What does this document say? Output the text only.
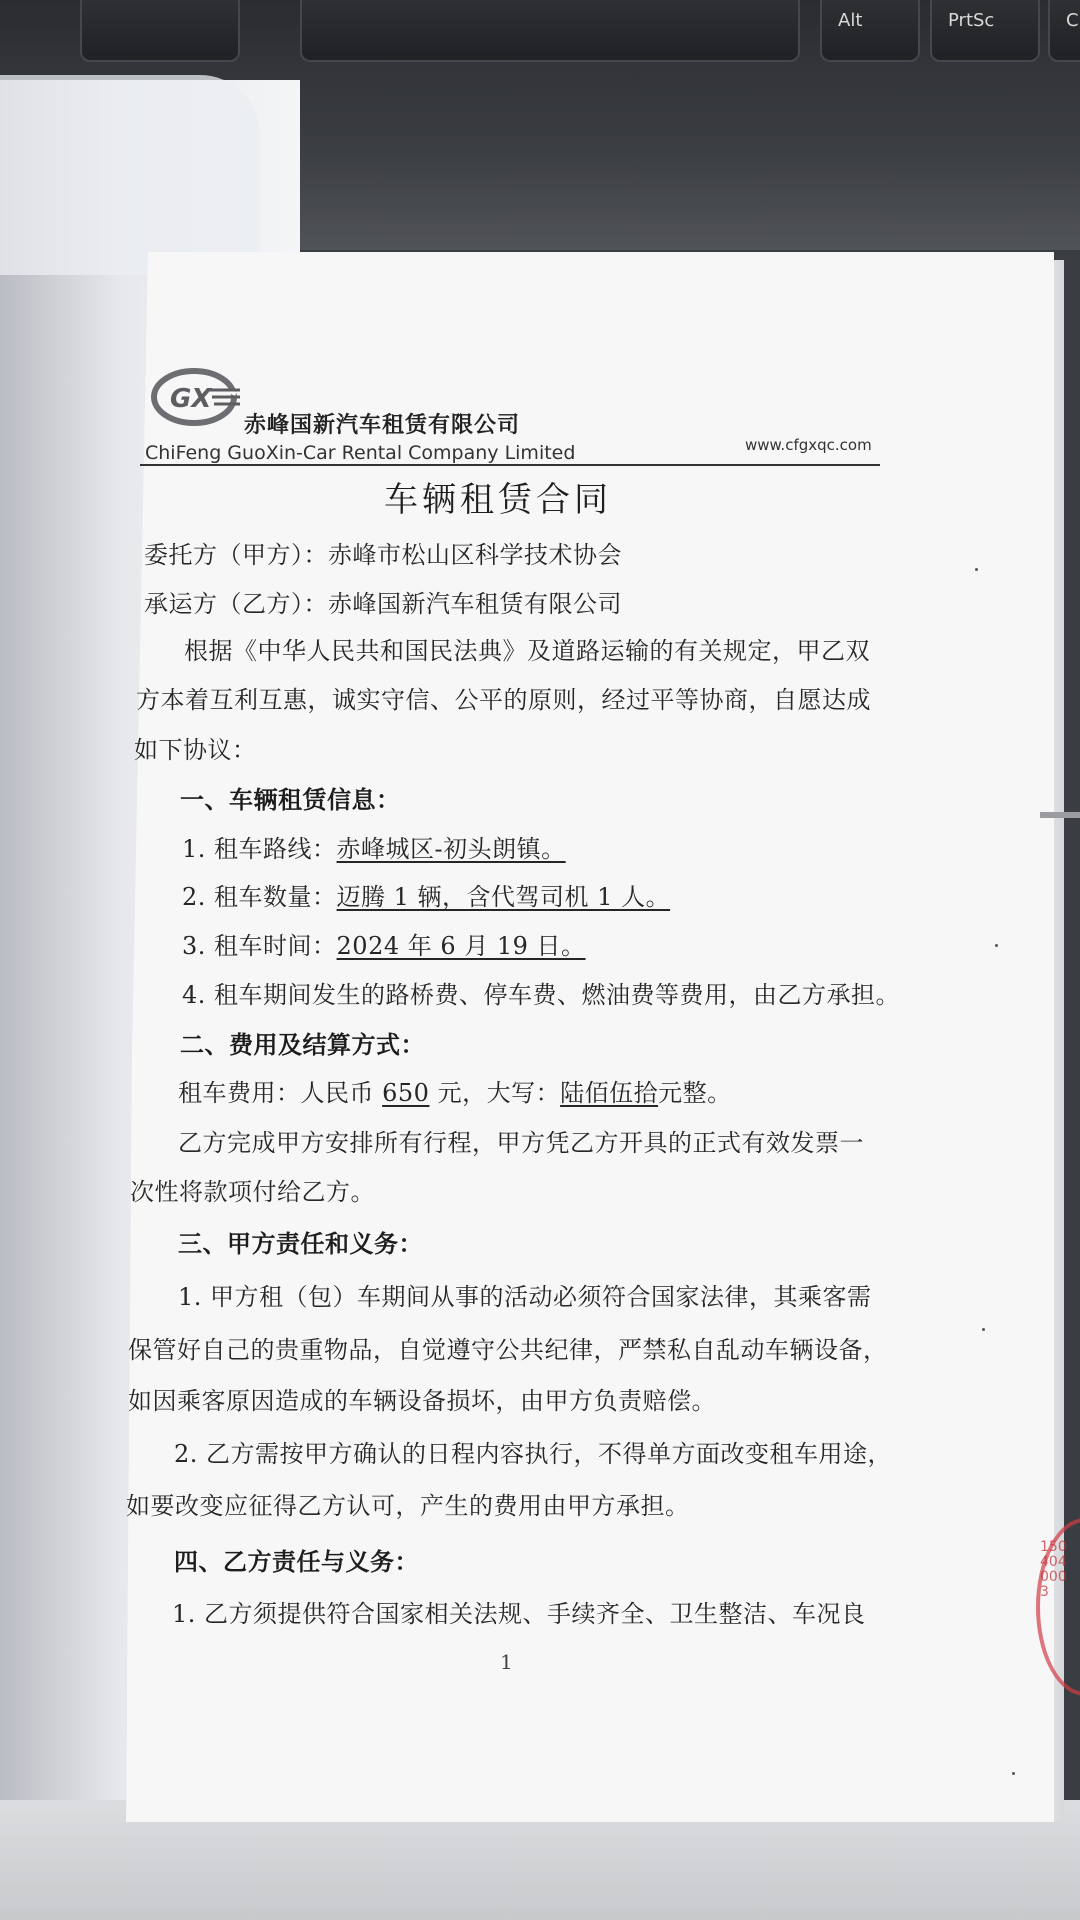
Alt	PrtSc	C
GX
赤峰国新汽车租赁有限公司
ChiFeng GuoXin-Car Rental Company Limited	www.cfgxqc.com
车辆租赁合同
委托方（甲方）：赤峰市松山区科学技术协会
承运方（乙方）：赤峰国新汽车租赁有限公司
根据《中华人民共和国民法典》及道路运输的有关规定，甲乙双
方本着互利互惠，诚实守信、公平的原则，经过平等协商，自愿达成
如下协议：
一、车辆租赁信息：
1. 租车路线：赤峰城区-初头朗镇。
2. 租车数量：迈腾 1 辆，含代驾司机 1 人。
3. 租车时间：2024 年 6 月 19 日。
4. 租车期间发生的路桥费、停车费、燃油费等费用，由乙方承担。
二、费用及结算方式：
租车费用：人民币 650 元，大写：陆佰伍拾元整。
乙方完成甲方安排所有行程，甲方凭乙方开具的正式有效发票一
次性将款项付给乙方。
三、甲方责任和义务：
1. 甲方租（包）车期间从事的活动必须符合国家法律，其乘客需
保管好自己的贵重物品，自觉遵守公共纪律，严禁私自乱动车辆设备，
如因乘客原因造成的车辆设备损坏，由甲方负责赔偿。
2. 乙方需按甲方确认的日程内容执行，不得单方面改变租车用途，
如要改变应征得乙方认可，产生的费用由甲方承担。
四、乙方责任与义务：
1. 乙方须提供符合国家相关法规、手续齐全、卫生整洁、车况良
1
1504040003
